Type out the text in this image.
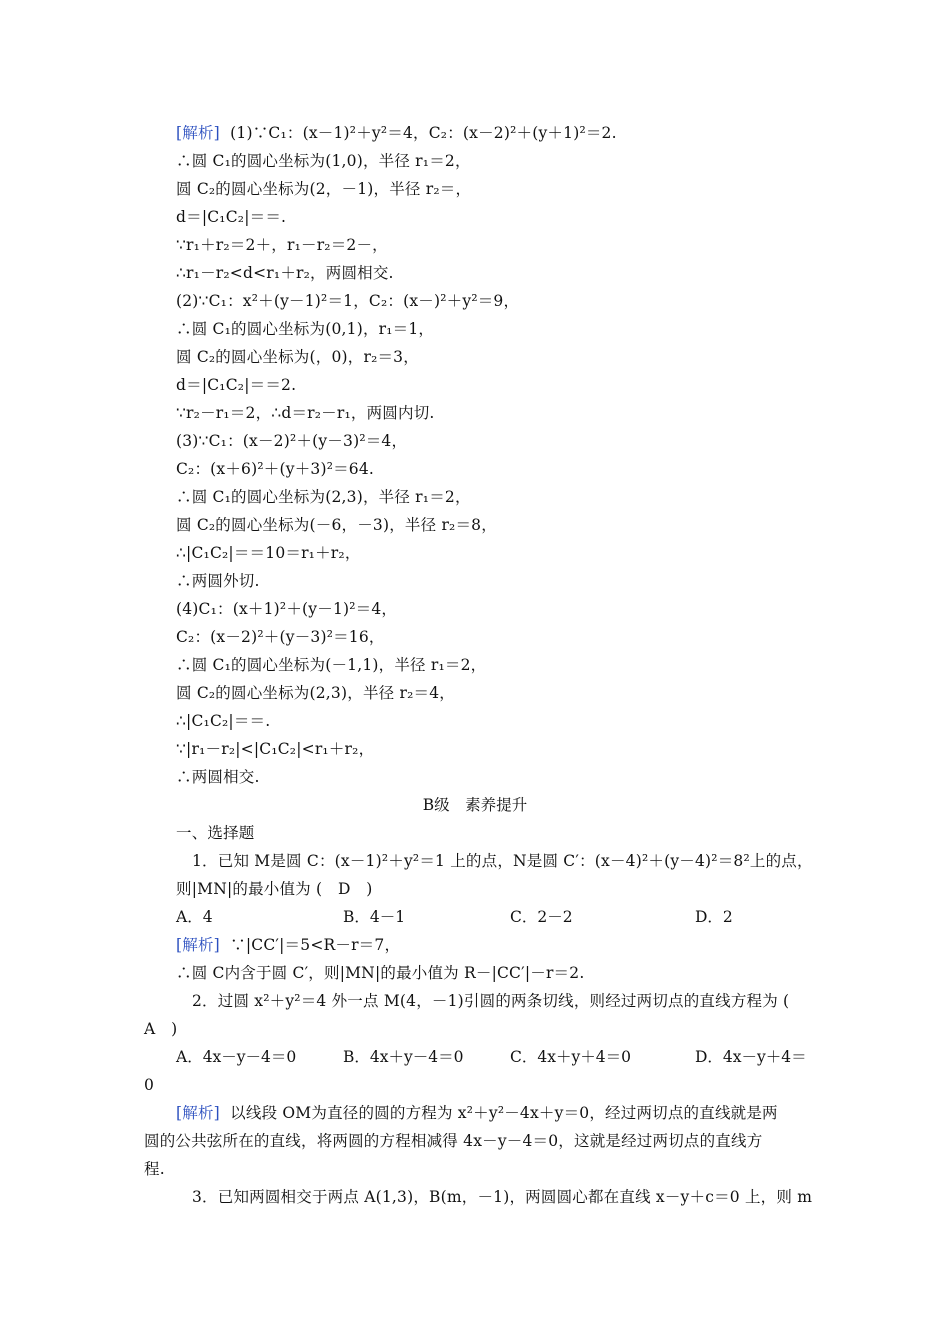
[解析] (1)∵C₁：(x－1)²＋y²＝4，C₂：(x－2)²＋(y＋1)²＝2.
∴圆 C₁的圆心坐标为(1,0)，半径 r₁＝2，
圆 C₂的圆心坐标为(2，－1)，半径 r₂＝，
d＝|C₁C₂|＝＝.
∵r₁＋r₂＝2＋，r₁－r₂＝2－，
∴r₁－r₂<d<r₁＋r₂，两圆相交.
(2)∵C₁：x²＋(y－1)²＝1，C₂：(x－)²＋y²＝9，
∴圆 C₁的圆心坐标为(0,1)，r₁＝1，
圆 C₂的圆心坐标为(，0)，r₂＝3，
d＝|C₁C₂|＝＝2.
∵r₂－r₁＝2，∴d＝r₂－r₁，两圆内切.
(3)∵C₁：(x－2)²＋(y－3)²＝4，
C₂：(x＋6)²＋(y＋3)²＝64.
∴圆 C₁的圆心坐标为(2,3)，半径 r₁＝2，
圆 C₂的圆心坐标为(－6，－3)，半径 r₂＝8，
∴|C₁C₂|＝＝10＝r₁＋r₂，
∴两圆外切.
(4)C₁：(x＋1)²＋(y－1)²＝4，
C₂：(x－2)²＋(y－3)²＝16，
∴圆 C₁的圆心坐标为(－1,1)，半径 r₁＝2，
圆 C₂的圆心坐标为(2,3)，半径 r₂＝4，
∴|C₁C₂|＝＝.
∵|r₁－r₂|<|C₁C₂|<r₁＋r₂，
∴两圆相交.
B级　素养提升
一、选择题
1．已知 M是圆 C：(x－1)²＋y²＝1 上的点，N是圆 C′：(x－4)²＋(y－4)²＝8²上的点，
则|MN|的最小值为 (　D　)
A．4	B．4－1	C．2－2	D．2
[解析] ∵|CC′|＝5<R－r＝7，
∴圆 C内含于圆 C′，则|MN|的最小值为 R－|CC′|－r＝2.
2．过圆 x²＋y²＝4 外一点 M(4，－1)引圆的两条切线，则经过两切点的直线方程为 (
A　)
A．4x－y－4＝0	B．4x＋y－4＝0	C．4x＋y＋4＝0	D．4x－y＋4＝
0
[解析] 以线段 OM为直径的圆的方程为 x²＋y²－4x＋y＝0，经过两切点的直线就是两
圆的公共弦所在的直线，将两圆的方程相减得 4x－y－4＝0，这就是经过两切点的直线方
程.
3．已知两圆相交于两点 A(1,3)，B(m，－1)，两圆圆心都在直线 x－y＋c＝0 上，则 m
